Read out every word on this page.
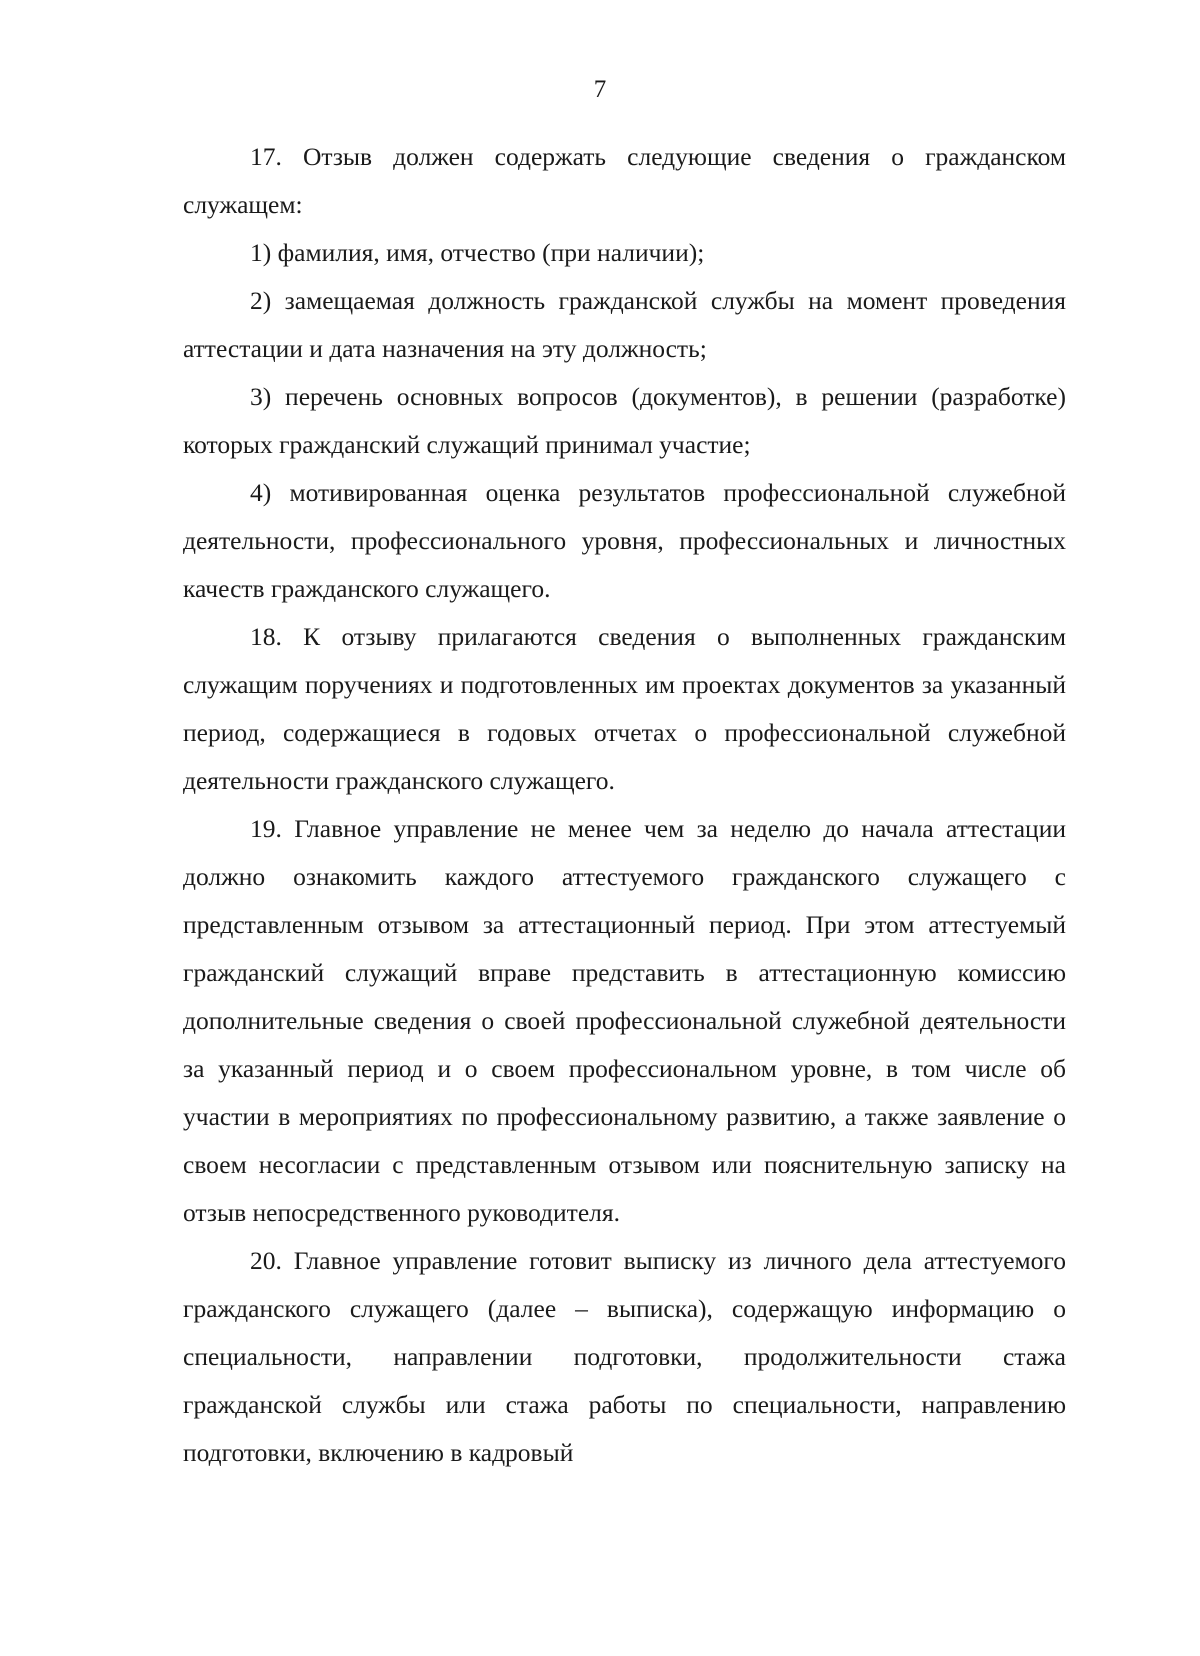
7

17. Отзыв должен содержать следующие сведения о гражданском служащем:

1) фамилия, имя, отчество (при наличии);

2) замещаемая должность гражданской службы на момент проведения аттестации и дата назначения на эту должность;

3) перечень основных вопросов (документов), в решении (разработке) которых гражданский служащий принимал участие;

4) мотивированная оценка результатов профессиональной служебной деятельности, профессионального уровня, профессиональных и личностных качеств гражданского служащего.

18. К отзыву прилагаются сведения о выполненных гражданским служащим поручениях и подготовленных им проектах документов за указанный период, содержащиеся в годовых отчетах о профессиональной служебной деятельности гражданского служащего.

19. Главное управление не менее чем за неделю до начала аттестации должно ознакомить каждого аттестуемого гражданского служащего с представленным отзывом за аттестационный период. При этом аттестуемый гражданский служащий вправе представить в аттестационную комиссию дополнительные сведения о своей профессиональной служебной деятельности за указанный период и о своем профессиональном уровне, в том числе об участии в мероприятиях по профессиональному развитию, а также заявление о своем несогласии с представленным отзывом или пояснительную записку на отзыв непосредственного руководителя.

20. Главное управление готовит выписку из личного дела аттестуемого гражданского служащего (далее – выписка), содержащую информацию о специальности, направлении подготовки, продолжительности стажа гражданской службы или стажа работы по специальности, направлению подготовки, включению в кадровый
